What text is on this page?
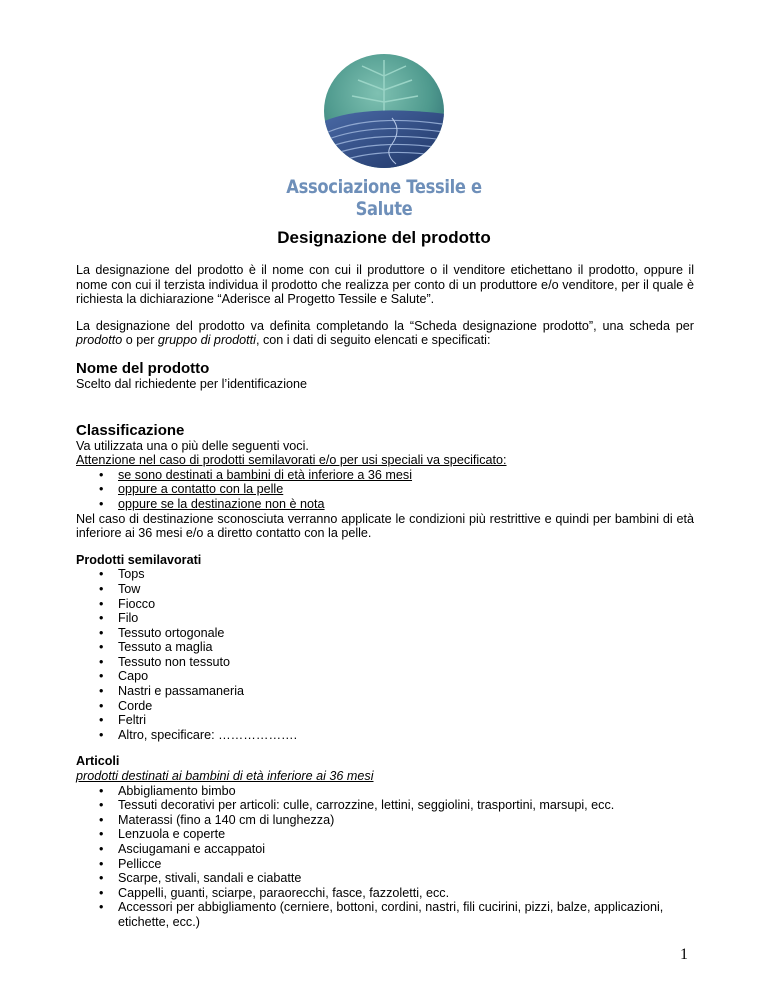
Associazione Tessile e Salute
Designazione del prodotto

La designazione del prodotto è il nome con cui il produttore o il venditore etichettano il prodotto, oppure il nome con cui il terzista individua il prodotto che realizza per conto di un produttore e/o venditore, per il quale è richiesta la dichiarazione “Aderisce al Progetto Tessile e Salute”.

La designazione del prodotto va definita completando la “Scheda designazione prodotto”, una scheda per prodotto o per gruppo di prodotti, con i dati di seguito elencati e specificati:

Nome del prodotto

Scelto dal richiedente per l’identificazione

Classificazione

Va utilizzata una o più delle seguenti voci.

Attenzione nel caso di prodotti semilavorati e/o per usi speciali va specificato:

• se sono destinati a bambini di età inferiore a 36 mesi
• oppure a contatto con la pelle
• oppure se la destinazione non è nota

Nel caso di destinazione sconosciuta verranno applicate le condizioni più restrittive e quindi per bambini di età inferiore ai 36 mesi e/o a diretto contatto con la pelle.

Prodotti semilavorati

• Tops
• Tow
• Fiocco
• Filo
• Tessuto ortogonale
• Tessuto a maglia
• Tessuto non tessuto
• Capo
• Nastri e passamaneria
• Corde
• Feltri
• Altro, specificare: ……………….

Articoli

prodotti destinati ai bambini di età inferiore ai 36 mesi

• Abbigliamento bimbo
• Tessuti decorativi per articoli: culle, carrozzine, lettini, seggiolini, trasportini, marsupi, ecc.
• Materassi (fino a 140 cm di lunghezza)
• Lenzuola e coperte
• Asciugamani e accappatoi
• Pellicce
• Scarpe, stivali, sandali e ciabatte
• Cappelli, guanti, sciarpe, paraorecchi, fasce, fazzoletti, ecc.
• Accessori per abbigliamento (cerniere, bottoni, cordini, nastri, fili cucirini, pizzi, balze, applicazioni, etichette, ecc.)
1
